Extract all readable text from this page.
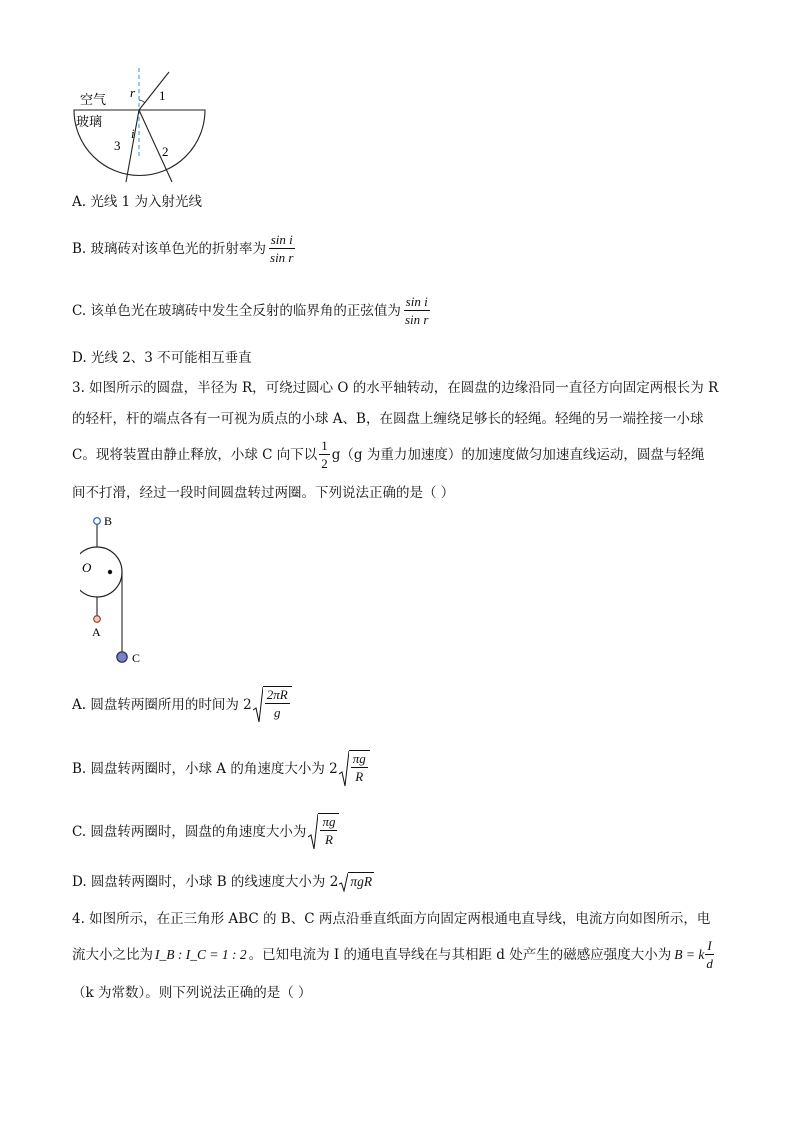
空气
玻璃
r
i
1
2
3
A. 光线 1 为入射光线
B. 玻璃砖对该单色光的折射率为 $\frac{\text{sin i}}{\text{sin r}}$
C. 该单色光在玻璃砖中发生全反射的临界角的正弦值为 $\frac{\text{sin i}}{\text{sin r}}$
D. 光线 2、3 不可能相互垂直
3. 如图所示的圆盘，半径为 R，可绕过圆心 O 的水平轴转动，在圆盘的边缘沿同一直径方向固定两根长为 R
的轻杆，杆的端点各有一可视为质点的小球 A、B，在圆盘上缠绕足够长的轻绳。轻绳的另一端拴接一小球
C。现将装置由静止释放，小球 C 向下以 $\frac{1}{2} g(g$ 为重力加速度）的加速度做匀加速直线运动，圆盘与轻绳
间不打滑，经过一段时间圆盘转过两圈。下列说法正确的是（ ）
B
O
A
C
A. 圆盘转两圈所用的时间为 $2 \frac{2\pi R}{g}$
B. 圆盘转两圈时，小球 A 的角速度大小为 $2 \frac{\pi g}{R}$
C. 圆盘转两圈时，圆盘的角速度大小为 $\frac{\pi g}{R}$
D. 圆盘转两圈时，小球 B 的线速度大小为 2 πgR
4. 如图所示，在正三角形 ABC 的 B、C 两点沿垂直纸面方向固定两根通电直导线，电流方向如图所示，电
流大小之比为 I_B : I_C = 1 : 2 。已知电流为 I 的通电直导线在与其相距 d 处产生的磁感应强度大小为 B = k $\frac{I}{d}$
（k 为常数）。则下列说法正确的是（ ）
